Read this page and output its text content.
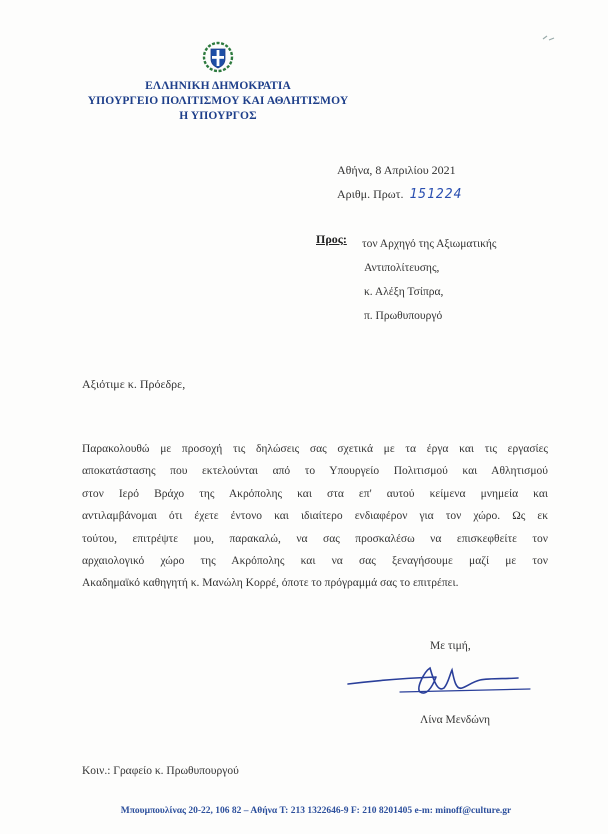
ΕΛΛΗΝΙΚΗ ΔΗΜΟΚΡΑΤΙΑ
ΥΠΟΥΡΓΕΙΟ ΠΟΛΙΤΙΣΜΟΥ ΚΑΙ ΑΘΛΗΤΙΣΜΟΥ
Η ΥΠΟΥΡΓΟΣ
Αθήνα, 8 Απριλίου 2021
Αριθμ. Πρωτ. 151224
Προς: τον Αρχηγό της Αξιωματικής
Αντιπολίτευσης,
κ. Αλέξη Τσίπρα,
π. Πρωθυπουργό
Αξιότιμε κ. Πρόεδρε,
Παρακολουθώ με προσοχή τις δηλώσεις σας σχετικά με τα έργα και τις εργασίες
αποκατάστασης που εκτελούνται από το Υπουργείο Πολιτισμού και Αθλητισμού
στον Ιερό Βράχο της Ακρόπολης και στα επ' αυτού κείμενα μνημεία και
αντιλαμβάνομαι ότι έχετε έντονο και ιδιαίτερο ενδιαφέρον για τον χώρο. Ως εκ
τούτου, επιτρέψτε μου, παρακαλώ, να σας προσκαλέσω να επισκεφθείτε τον
αρχαιολογικό χώρο της Ακρόπολης και να σας ξεναγήσουμε μαζί με τον
Ακαδημαϊκό καθηγητή κ. Μανώλη Κορρέ, όποτε το πρόγραμμά σας το επιτρέπει.
Με τιμή,
Λίνα Μενδώνη
Κοιν.: Γραφείο κ. Πρωθυπουργού
Μπουμπουλίνας 20-22, 106 82 – Αθήνα T: 213 1322646-9 F: 210 8201405 e-m: minoff@culture.gr
